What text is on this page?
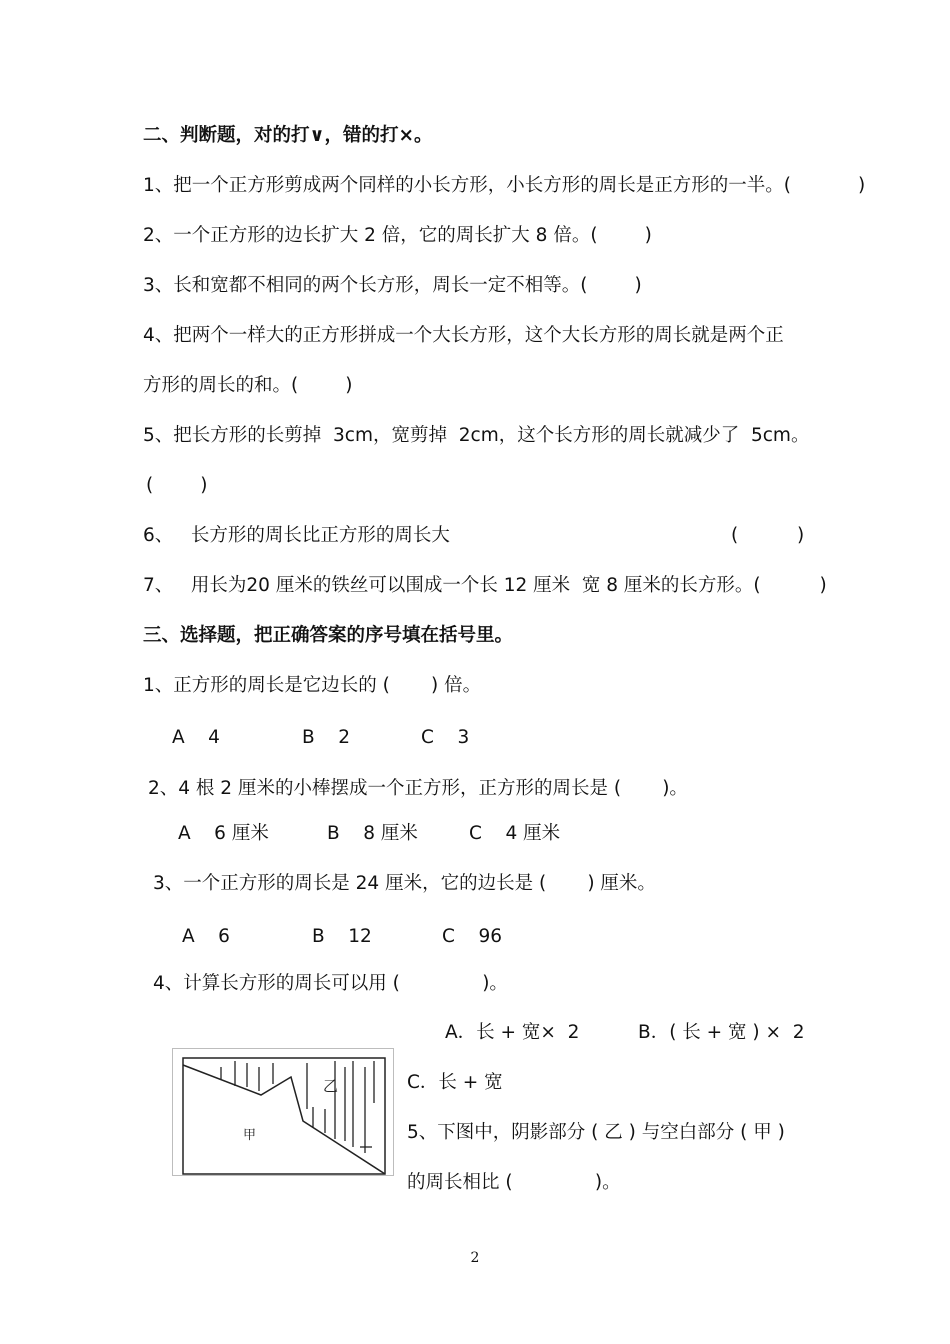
二、判断题，对的打∨，错的打×。
1、把一个正方形剪成两个同样的小长方形，小长方形的周长是正方形的一半。(	)
2、一个正方形的边长扩大 2 倍，它的周长扩大 8 倍。(        )
3、长和宽都不相同的两个长方形，周长一定不相等。(        )
4、把两个一样大的正方形拼成一个大长方形，这个大长方形的周长就是两个正
方形的周长的和。(        )
5、把长方形的长剪掉  3cm，宽剪掉  2cm，这个长方形的周长就减少了  5cm。
(        )
6、   长方形的周长比正方形的周长大	(          )
7、   用长为20 厘米的铁丝可以围成一个长 12 厘米  宽 8 厘米的长方形。(          )
三、选择题，把正确答案的序号填在括号里。
1、正方形的周长是它边长的 (       ) 倍。
A    4	B    2	C    3
2、4 根 2 厘米的小棒摆成一个正方形，正方形的周长是 (       )。
A    6 厘米	B    8 厘米	C    4 厘米
3、一个正方形的周长是 24 厘米，它的边长是 (       ) 厘米。
A    6	B    12	C    96
4、计算长方形的周长可以用 (              )。
A．长 + 宽×  2	B．( 长 + 宽 ) ×  2
C．长 + 宽
5、下图中，阴影部分 ( 乙 ) 与空白部分 ( 甲 )
的周长相比 (              )。
乙
甲
2
